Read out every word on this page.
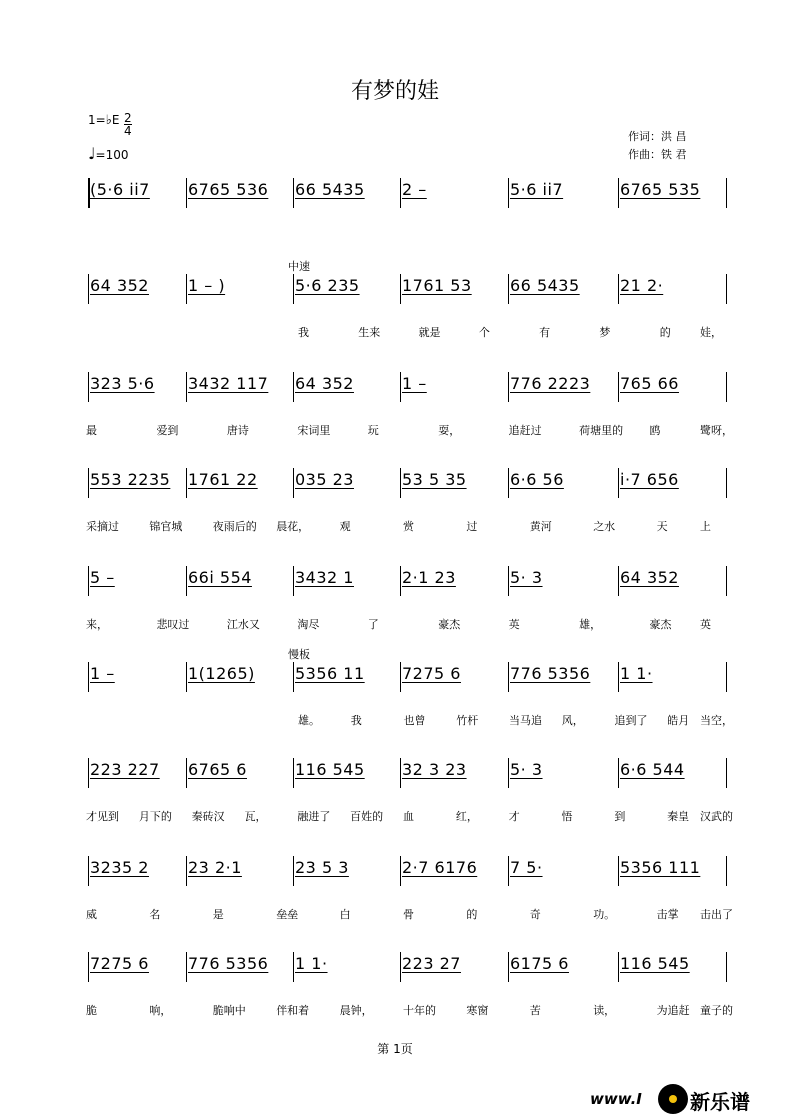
有梦的娃
1=♭E $\frac{2}{4}$
♩=100
作词：洪 昌
作曲：铁 君
(5·6 i̇i̇7	6765 536	66 5435	2 –	5·6 i̇i̇7	6765 535
64 352	1 – )	5·6 235	1761 53	66 5435	21 2·
中速
我	生来	就是	个	有	梦	的	娃，
323 5·6	3432 117	64 352	1 –	776 2223	765 66
最	爱到	唐诗	宋词里	玩	耍，	追赶过	荷塘里的 鸥	鹭呀，
553 2235	1761 22	035 23	53 5 35	6·6 56	i̇·7 656
采摘过	锦官城	夜雨后的 晨花，	观	赏	过	黄河	之水	天	上
5 –	66i̇ 554	3432 1	2·1 23	5· 3	64 352
来，	悲叹过	江水又	淘尽	了	豪杰	英	雄，	豪杰	英
1 –	1(1265)	5356 11	7275 6	776 5356	1 1·
慢板
雄。	我	也曾	竹杆	当马追 风，	追到了 皓月 当空，
223 227	6765 6	116 545	32 3 23	5· 3	6·6 544
才见到 月下的 秦砖汉 瓦，	融进了 百姓的 血	红，	才	悟	到	秦皇 汉武的
3235 2	23 2·1	23 5 3	2·7 6176	7 5·	5356 111
威	名	是	垒垒	白	骨	的	奇	功。	击掌 击出了
7275 6	776 5356	1 1·	223 27	6175 6	116 545
脆	响，	脆响中	伴和着	晨钟，	十年的	寒窗	苦	读，	为追赶 童子的
第 1页
www.I 新乐谱
